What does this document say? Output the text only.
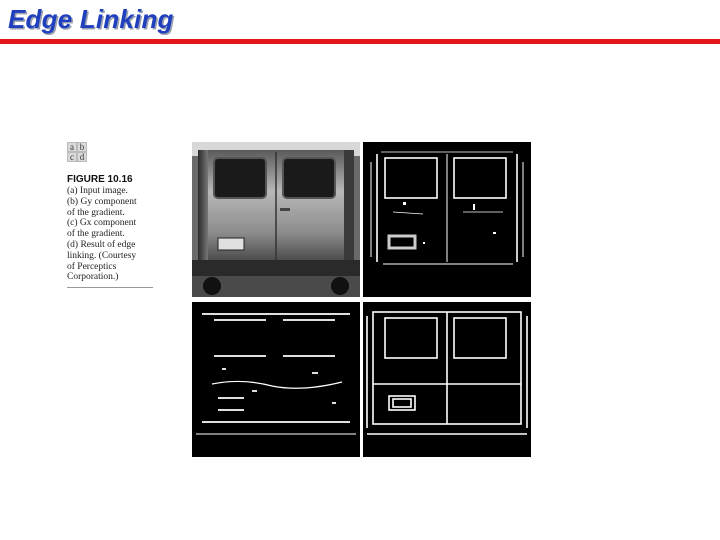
Edge Linking
a b
c d
FIGURE 10.16
(a) Input image.
(b) Gy component
of the gradient.
(c) Gx component
of the gradient.
(d) Result of edge
linking. (Courtesy
of Perceptics
Corporation.)
